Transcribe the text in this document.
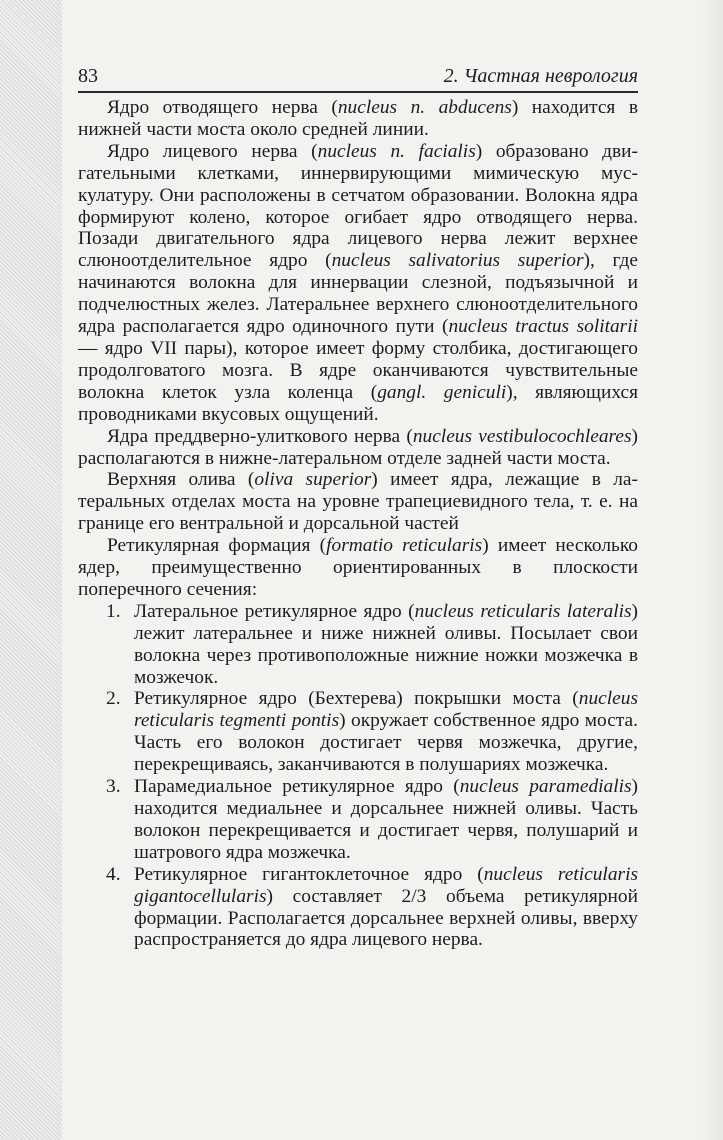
83	2. Частная неврология

Ядро отводящего нерва (nucleus n. abducens) находится в нижней части моста около средней линии.

Ядро лицевого нерва (nucleus n. facialis) образовано двигательными клетками, иннервирующими мимическую мускулатуру. Они расположены в сетчатом образовании. Волокна ядра формируют колено, которое огибает ядро отводящего нерва. Позади двигательного ядра лицевого нерва лежит верхнее слюноотделительное ядро (nucleus salivatorius superior), где начинаются волокна для иннервации слезной, подъязычной и подчелюстных желез. Латеральнее верхнего слюноотделительного ядра располагается ядро одиночного пути (nucleus tractus solitarii — ядро VII пары), которое имеет форму столбика, достигающего продолговатого мозга. В ядре оканчиваются чувствительные волокна клеток узла коленца (gangl. geniculi), являющихся проводниками вкусовых ощущений.

Ядра преддверно-улиткового нерва (nucleus vestibulocochleares) располагаются в нижне-латеральном отделе задней части моста.

Верхняя олива (oliva superior) имеет ядра, лежащие в латеральных отделах моста на уровне трапециевидного тела, т. е. на границе его вентральной и дорсальной частей

Ретикулярная формация (formatio reticularis) имеет несколько ядер, преимущественно ориентированных в плоскости поперечного сечения:

1. Латеральное ретикулярное ядро (nucleus reticularis lateralis) лежит латеральнее и ниже нижней оливы. Посылает свои волокна через противоположные нижние ножки мозжечка в мозжечок.
2. Ретикулярное ядро (Бехтерева) покрышки моста (nucleus reticularis tegmenti pontis) окружает собственное ядро моста. Часть его волокон достигает червя мозжечка, другие, перекрещиваясь, заканчиваются в полушариях мозжечка.
3. Парамедиальное ретикулярное ядро (nucleus paramedialis) находится медиальнее и дорсальнее нижней оливы. Часть волокон перекрещивается и достигает червя, полушарий и шатрового ядра мозжечка.
4. Ретикулярное гигантоклеточное ядро (nucleus reticularis gigantocellularis) составляет 2/3 объема ретикулярной формации. Располагается дорсальнее верхней оливы, вверху распространяется до ядра лицевого нерва.
